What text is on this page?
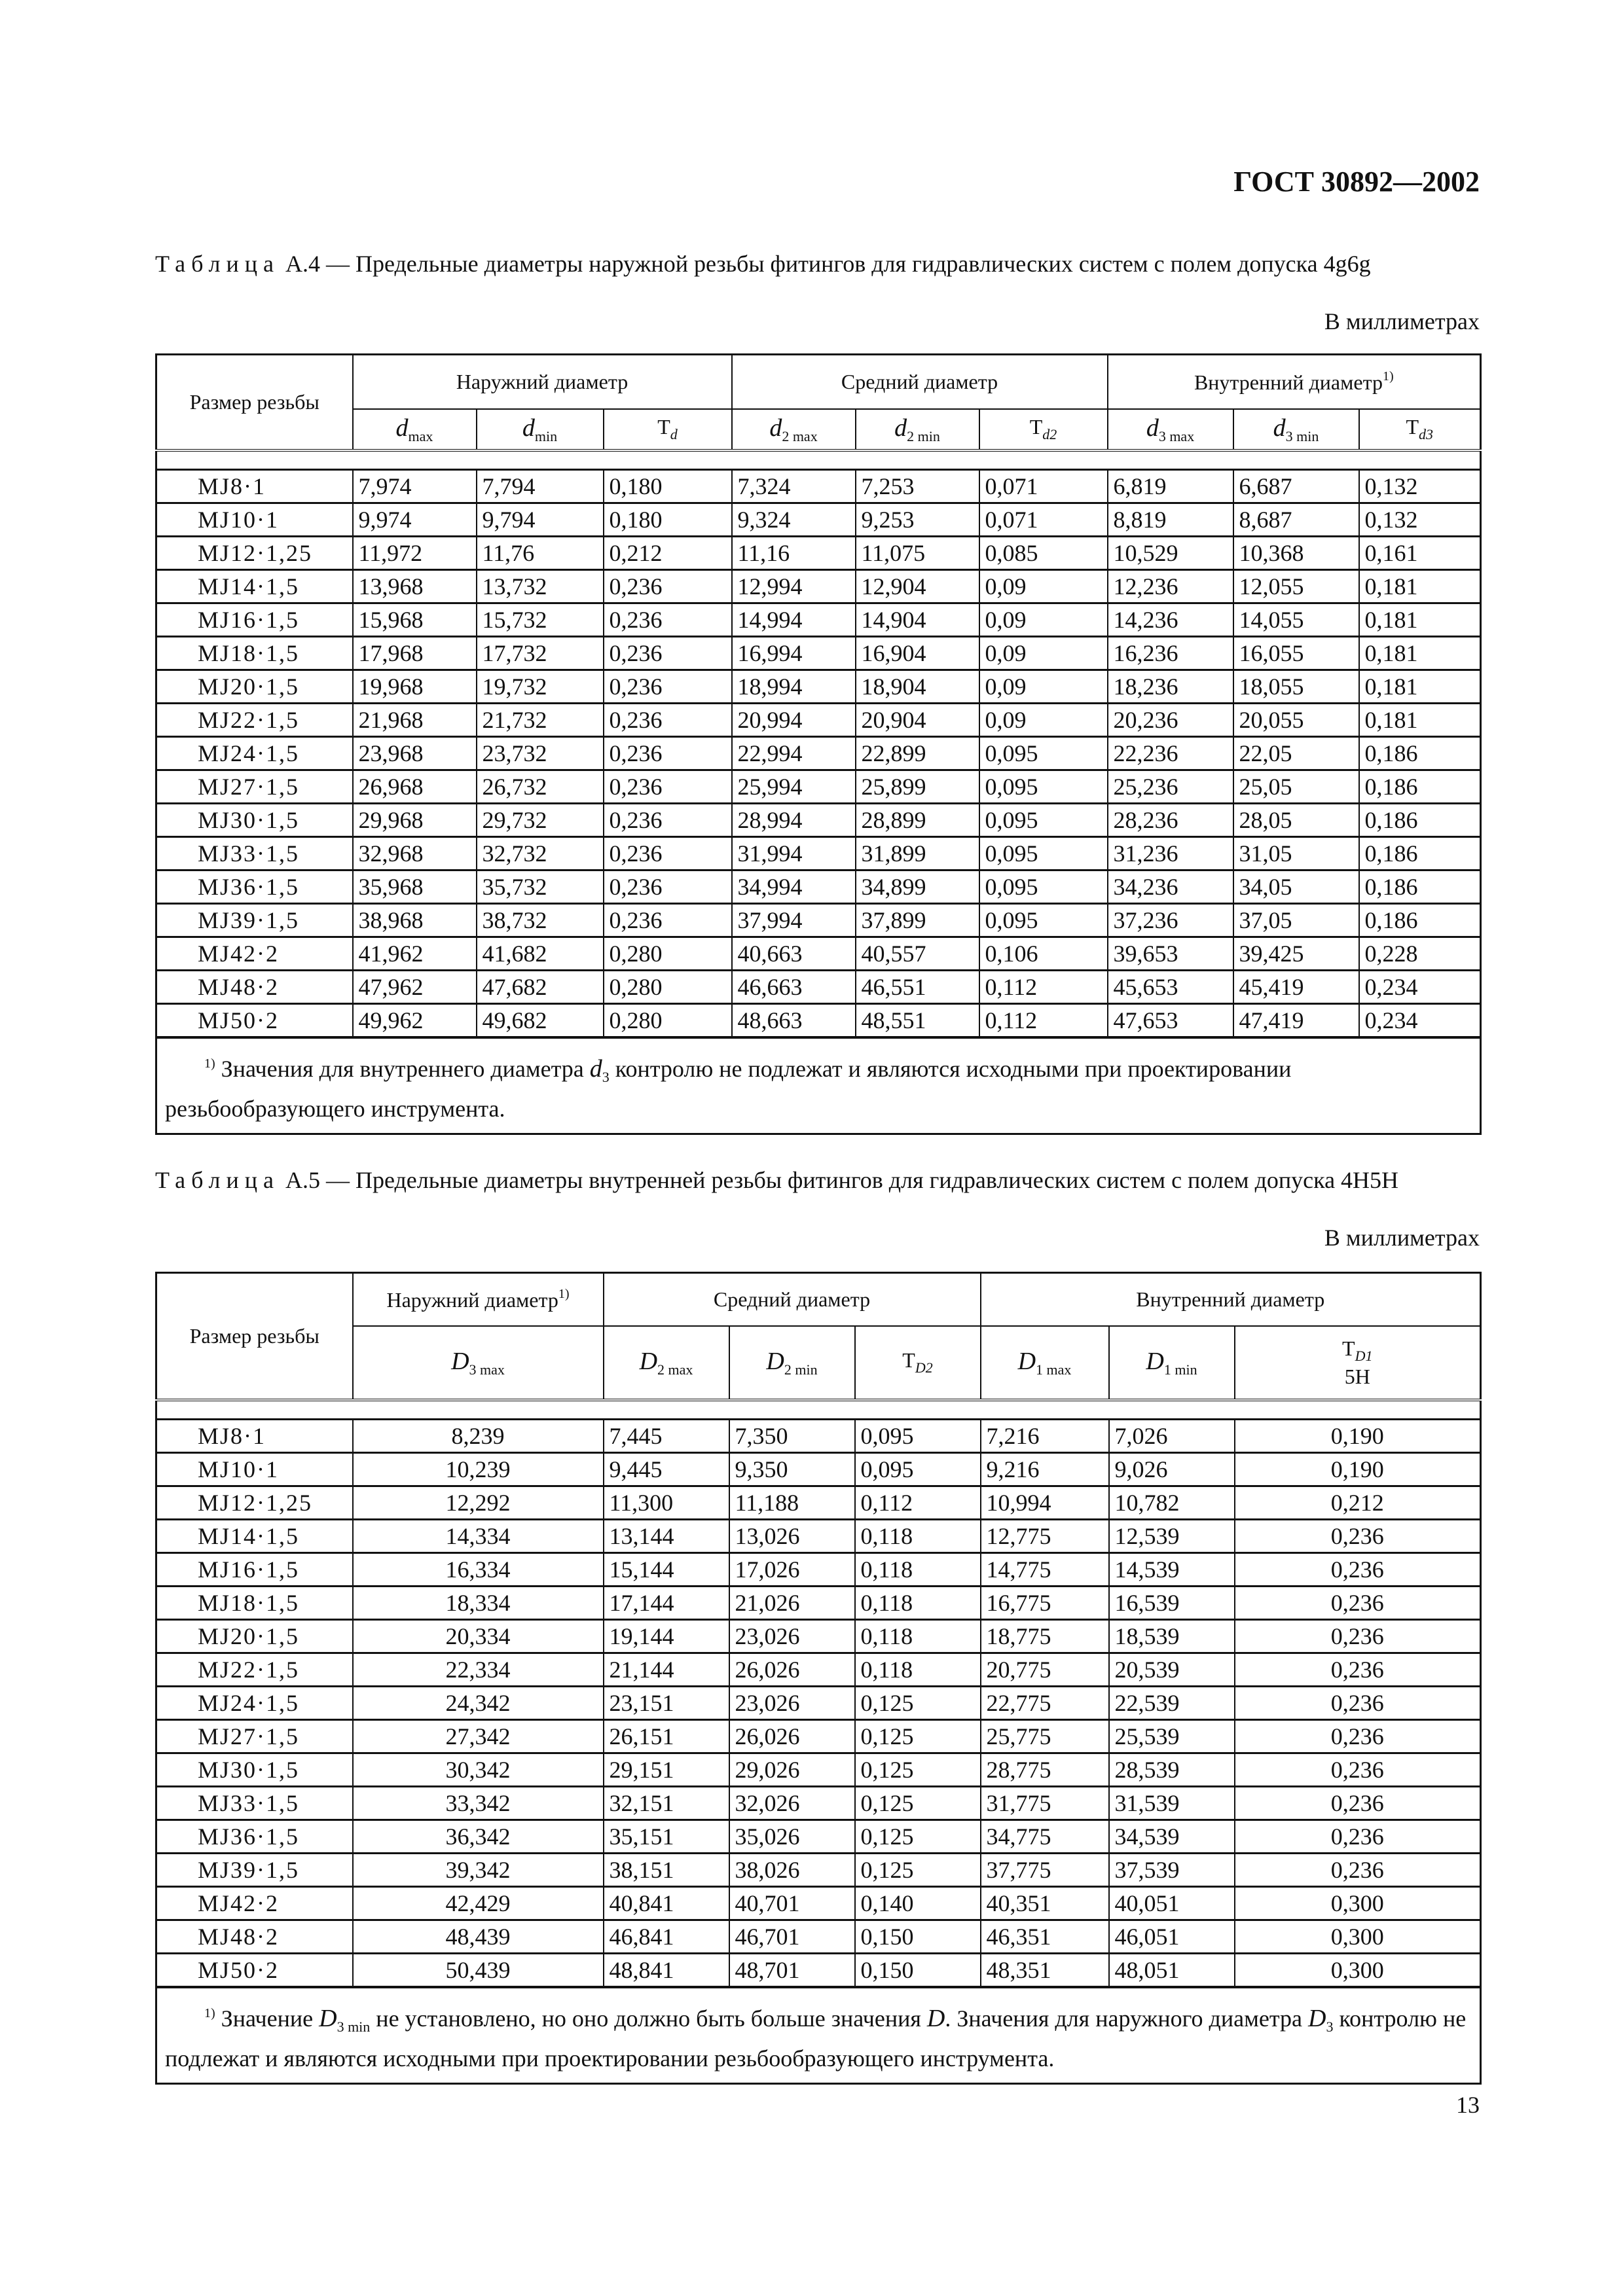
ГОСТ 30892—2002
Таблица А.4 — Предельные диаметры наружной резьбы фитингов для гидравлических систем с полем допуска 4g6g
В миллиметрах
Размер резьбы	Наружний диаметр			Средний диаметр			Внутренний диаметр$^{1)}$
	$d_{max}$	$d_{min}$	$T_d$	$d_{2 max}$	$d_{2 min}$	$T_{d2}$	$d_{3 max}$	$d_{3 min}$	$T_{d3}$

MJ8·1	7,974	7,794	0,180	7,324	7,253	0,071	6,819	6,687	0,132
MJ10·1	9,974	9,794	0,180	9,324	9,253	0,071	8,819	8,687	0,132
MJ12·1,25	11,972	11,76	0,212	11,16	11,075	0,085	10,529	10,368	0,161
MJ14·1,5	13,968	13,732	0,236	12,994	12,904	0,09	12,236	12,055	0,181
MJ16·1,5	15,968	15,732	0,236	14,994	14,904	0,09	14,236	14,055	0,181
MJ18·1,5	17,968	17,732	0,236	16,994	16,904	0,09	16,236	16,055	0,181
MJ20·1,5	19,968	19,732	0,236	18,994	18,904	0,09	18,236	18,055	0,181
MJ22·1,5	21,968	21,732	0,236	20,994	20,904	0,09	20,236	20,055	0,181
MJ24·1,5	23,968	23,732	0,236	22,994	22,899	0,095	22,236	22,05	0,186
MJ27·1,5	26,968	26,732	0,236	25,994	25,899	0,095	25,236	25,05	0,186
MJ30·1,5	29,968	29,732	0,236	28,994	28,899	0,095	28,236	28,05	0,186
MJ33·1,5	32,968	32,732	0,236	31,994	31,899	0,095	31,236	31,05	0,186
MJ36·1,5	35,968	35,732	0,236	34,994	34,899	0,095	34,236	34,05	0,186
MJ39·1,5	38,968	38,732	0,236	37,994	37,899	0,095	37,236	37,05	0,186
MJ42·2	41,962	41,682	0,280	40,663	40,557	0,106	39,653	39,425	0,228
MJ48·2	47,962	47,682	0,280	46,663	46,551	0,112	45,653	45,419	0,234
MJ50·2	49,962	49,682	0,280	48,663	48,551	0,112	47,653	47,419	0,234
$^{1)}$ Значения для внутреннего диаметра $d_3$ контролю не подлежат и являются исходными при проектировании резьбообразующего инструмента.									
Таблица А.5 — Предельные диаметры внутренней резьбы фитингов для гидравлических систем с полем допуска 4H5H
В миллиметрах
Размер резьбы	Наружний диаметр$^{1)}$	Средний диаметр			Внутренний диаметр		
	$D_{3 max}$	$D_{2 max}$	$D_{2 min}$	$T_{D2}$	$D_{1 max}$	$D_{1 min}$	$T_{D1}$
5H

MJ8·1	8,239	7,445	7,350	0,095	7,216	7,026	0,190
MJ10·1	10,239	9,445	9,350	0,095	9,216	9,026	0,190
MJ12·1,25	12,292	11,300	11,188	0,112	10,994	10,782	0,212
MJ14·1,5	14,334	13,144	13,026	0,118	12,775	12,539	0,236
MJ16·1,5	16,334	15,144	17,026	0,118	14,775	14,539	0,236
MJ18·1,5	18,334	17,144	21,026	0,118	16,775	16,539	0,236
MJ20·1,5	20,334	19,144	23,026	0,118	18,775	18,539	0,236
MJ22·1,5	22,334	21,144	26,026	0,118	20,775	20,539	0,236
MJ24·1,5	24,342	23,151	23,026	0,125	22,775	22,539	0,236
MJ27·1,5	27,342	26,151	26,026	0,125	25,775	25,539	0,236
MJ30·1,5	30,342	29,151	29,026	0,125	28,775	28,539	0,236
MJ33·1,5	33,342	32,151	32,026	0,125	31,775	31,539	0,236
MJ36·1,5	36,342	35,151	35,026	0,125	34,775	34,539	0,236
MJ39·1,5	39,342	38,151	38,026	0,125	37,775	37,539	0,236
MJ42·2	42,429	40,841	40,701	0,140	40,351	40,051	0,300
MJ48·2	48,439	46,841	46,701	0,150	46,351	46,051	0,300
MJ50·2	50,439	48,841	48,701	0,150	48,351	48,051	0,300
$^{1)}$ Значение $D_{3 min}$ не установлено, но оно должно быть больше значения D. Значения для наружного диаметра $D_3$ контролю не подлежат и являются исходными при проектировании резьбообразующего инструмента.							
13
